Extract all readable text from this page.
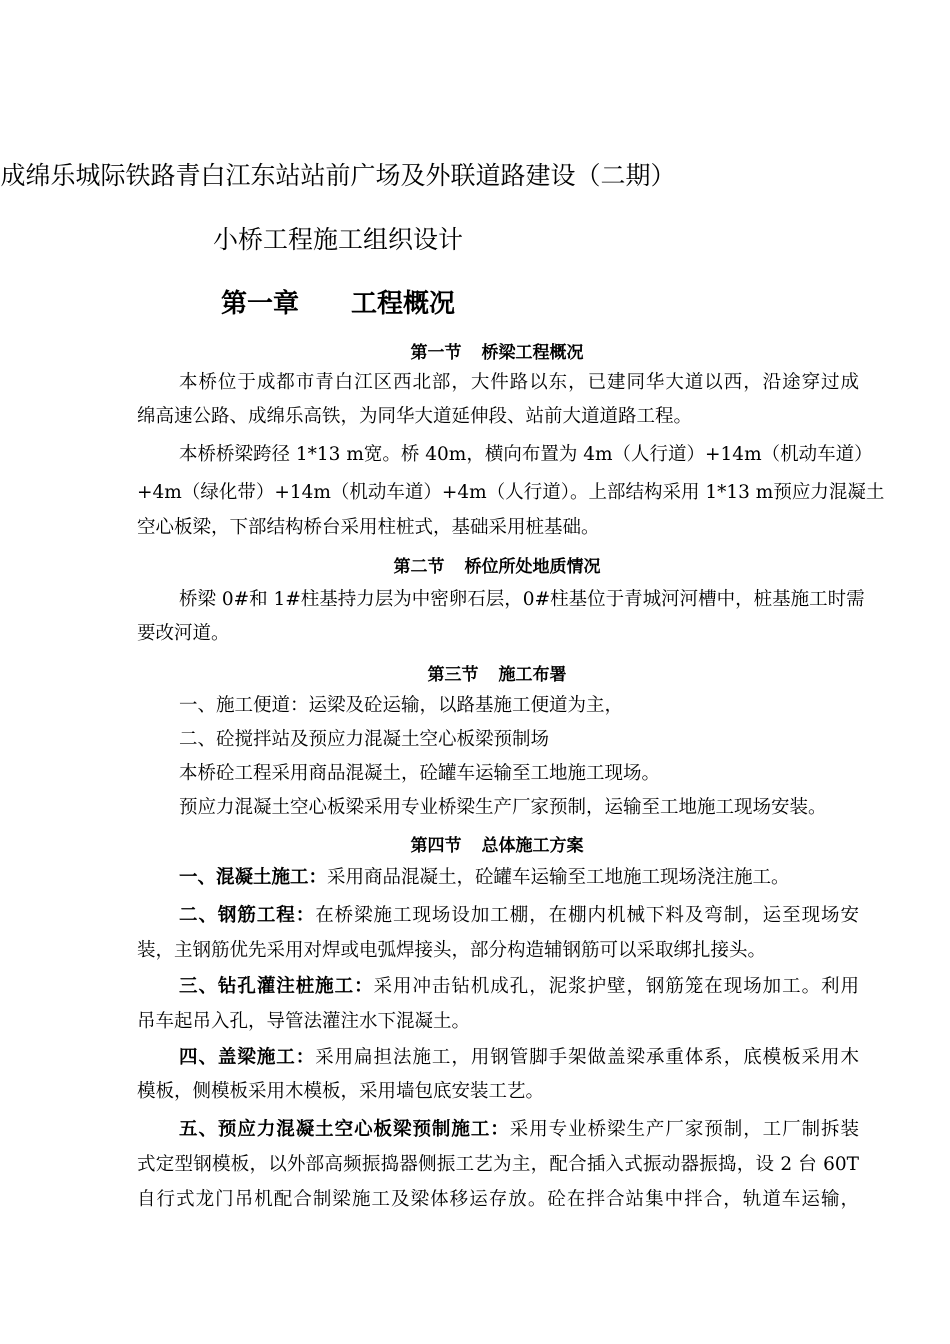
成绵乐城际铁路青白江东站站前广场及外联道路建设（二期）
小桥工程施工组织设计
第一章　　工程概况
第一节 桥梁工程概况
本桥位于成都市青白江区西北部，大件路以东，已建同华大道以西，沿途穿过成
绵高速公路、成绵乐高铁，为同华大道延伸段、站前大道道路工程。
本桥桥梁跨径 1*13 m宽。桥 40m，横向布置为 4m（人行道）+14m（机动车道）
+4m（绿化带）+14m（机动车道）+4m（人行道）。上部结构采用 1*13 m预应力混凝土
空心板梁，下部结构桥台采用柱桩式，基础采用桩基础。
第二节 桥位所处地质情况
桥梁 0#和 1#柱基持力层为中密卵石层，0#柱基位于青城河河槽中，桩基施工时需
要改河道。
第三节 施工布署
一、施工便道：运梁及砼运输，以路基施工便道为主，
二、砼搅拌站及预应力混凝土空心板梁预制场
本桥砼工程采用商品混凝土，砼罐车运输至工地施工现场。
预应力混凝土空心板梁采用专业桥梁生产厂家预制，运输至工地施工现场安装。
第四节 总体施工方案
一、混凝土施工：采用商品混凝土，砼罐车运输至工地施工现场浇注施工。
二、钢筋工程：在桥梁施工现场设加工棚，在棚内机械下料及弯制，运至现场安
装，主钢筋优先采用对焊或电弧焊接头，部分构造辅钢筋可以采取绑扎接头。
三、钻孔灌注桩施工：采用冲击钻机成孔，泥浆护壁，钢筋笼在现场加工。利用
吊车起吊入孔，导管法灌注水下混凝土。
四、盖梁施工：采用扁担法施工，用钢管脚手架做盖梁承重体系，底模板采用木
模板，侧模板采用木模板，采用墙包底安装工艺。
五、预应力混凝土空心板梁预制施工：采用专业桥梁生产厂家预制，工厂制拆装
式定型钢模板，以外部高频振捣器侧振工艺为主，配合插入式振动器振捣，设 2 台 60T
自行式龙门吊机配合制梁施工及梁体移运存放。砼在拌合站集中拌合，轨道车运输，
